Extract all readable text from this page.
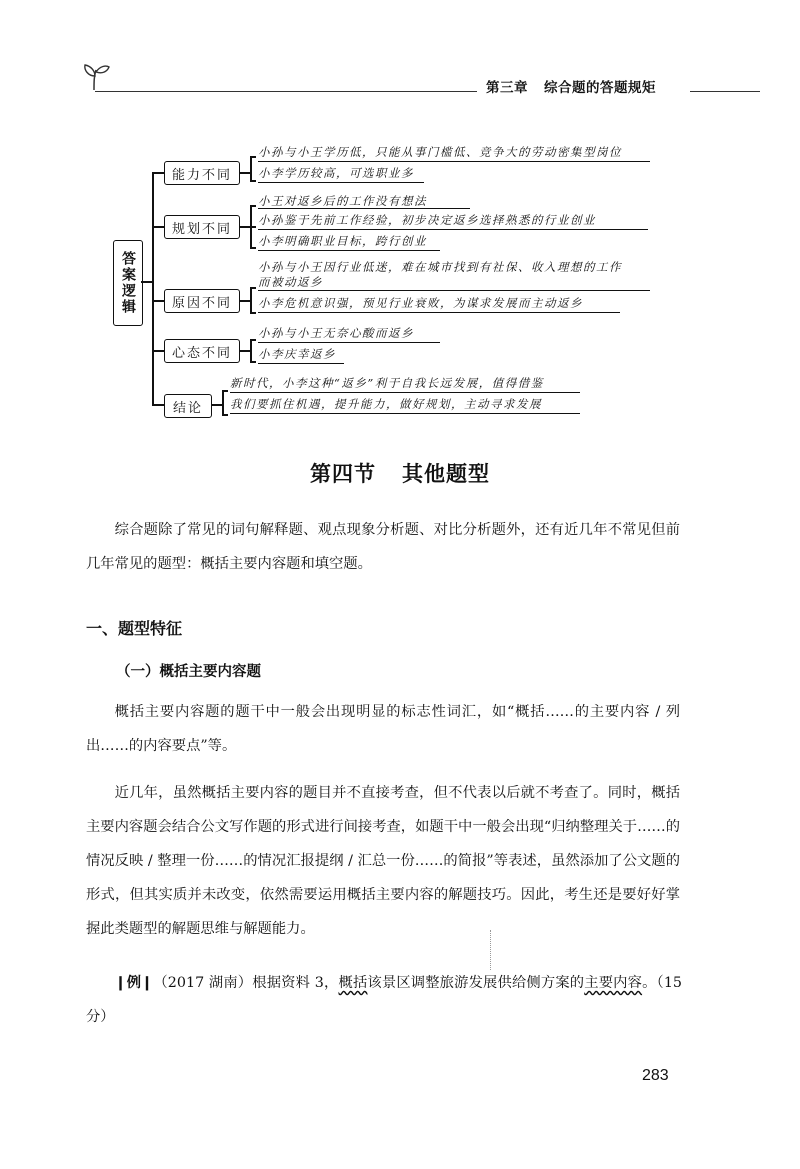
第三章 综合题的答题规矩
答案逻辑
能力不同
小孙与小王学历低，只能从事门槛低、竞争大的劳动密集型岗位
小李学历较高，可选职业多
规划不同
小王对返乡后的工作没有想法
小孙鉴于先前工作经验，初步决定返乡选择熟悉的行业创业
小李明确职业目标，跨行创业
原因不同
小孙与小王因行业低迷，难在城市找到有社保、收入理想的工作
而被动返乡
小李危机意识强，预见行业衰败，为谋求发展而主动返乡
心态不同
小孙与小王无奈心酸而返乡
小李庆幸返乡
结论
新时代，小李这种“返乡”利于自我长远发展，值得借鉴
我们要抓住机遇，提升能力，做好规划，主动寻求发展
第四节 其他题型

综合题除了常见的词句解释题、观点现象分析题、对比分析题外，还有近几年不常见但前几年常见的题型：概括主要内容题和填空题。

一、题型特征
（一）概括主要内容题

概括主要内容题的题干中一般会出现明显的标志性词汇，如“概括……的主要内容 / 列出……的内容要点”等。

近几年，虽然概括主要内容的题目并不直接考查，但不代表以后就不考查了。同时，概括主要内容题会结合公文写作题的形式进行间接考查，如题干中一般会出现“归纳整理关于……的情况反映 / 整理一份……的情况汇报提纲 / 汇总一份……的简报”等表述，虽然添加了公文题的形式，但其实质并未改变，依然需要运用概括主要内容的解题技巧。因此，考生还是要好好掌握此类题型的解题思维与解题能力。

❙例❙（2017 湖南）根据资料 3，概括该景区调整旅游发展供给侧方案的主要内容。（15 分）

283
